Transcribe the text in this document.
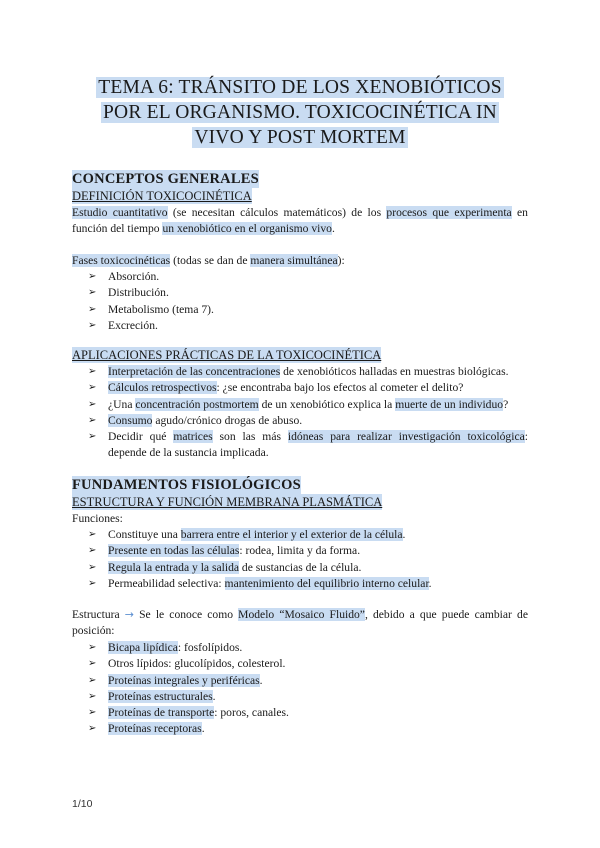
TEMA 6: TRÁNSITO DE LOS XENOBIÓTICOS
POR EL ORGANISMO. TOXICOCINÉTICA IN
VIVO Y POST MORTEM
CONCEPTOS GENERALES
DEFINICIÓN TOXICOCINÉTICA
Estudio cuantitativo (se necesitan cálculos matemáticos) de los procesos que experimenta en función del tiempo un xenobiótico en el organismo vivo.
Fases toxicocinéticas (todas se dan de manera simultánea):
➢ Absorción.
➢ Distribución.
➢ Metabolismo (tema 7).
➢ Excreción.
APLICACIONES PRÁCTICAS DE LA TOXICOCINÉTICA
➢ Interpretación de las concentraciones de xenobióticos halladas en muestras biológicas.
➢ Cálculos retrospectivos: ¿se encontraba bajo los efectos al cometer el delito?
➢ ¿Una concentración postmortem de un xenobiótico explica la muerte de un individuo?
➢ Consumo agudo/crónico drogas de abuso.
➢ Decidir qué matrices son las más idóneas para realizar investigación toxicológica: depende de la sustancia implicada.
FUNDAMENTOS FISIOLÓGICOS
ESTRUCTURA Y FUNCIÓN MEMBRANA PLASMÁTICA
Funciones:
➢ Constituye una barrera entre el interior y el exterior de la célula.
➢ Presente en todas las células: rodea, limita y da forma.
➢ Regula la entrada y la salida de sustancias de la célula.
➢ Permeabilidad selectiva: mantenimiento del equilibrio interno celular.
Estructura → Se le conoce como Modelo “Mosaico Fluido”, debido a que puede cambiar de posición:
➢ Bicapa lipídica: fosfolípidos.
➢ Otros lípidos: glucolípidos, colesterol.
➢ Proteínas integrales y periféricas.
➢ Proteínas estructurales.
➢ Proteínas de transporte: poros, canales.
➢ Proteínas receptoras.
1/10
